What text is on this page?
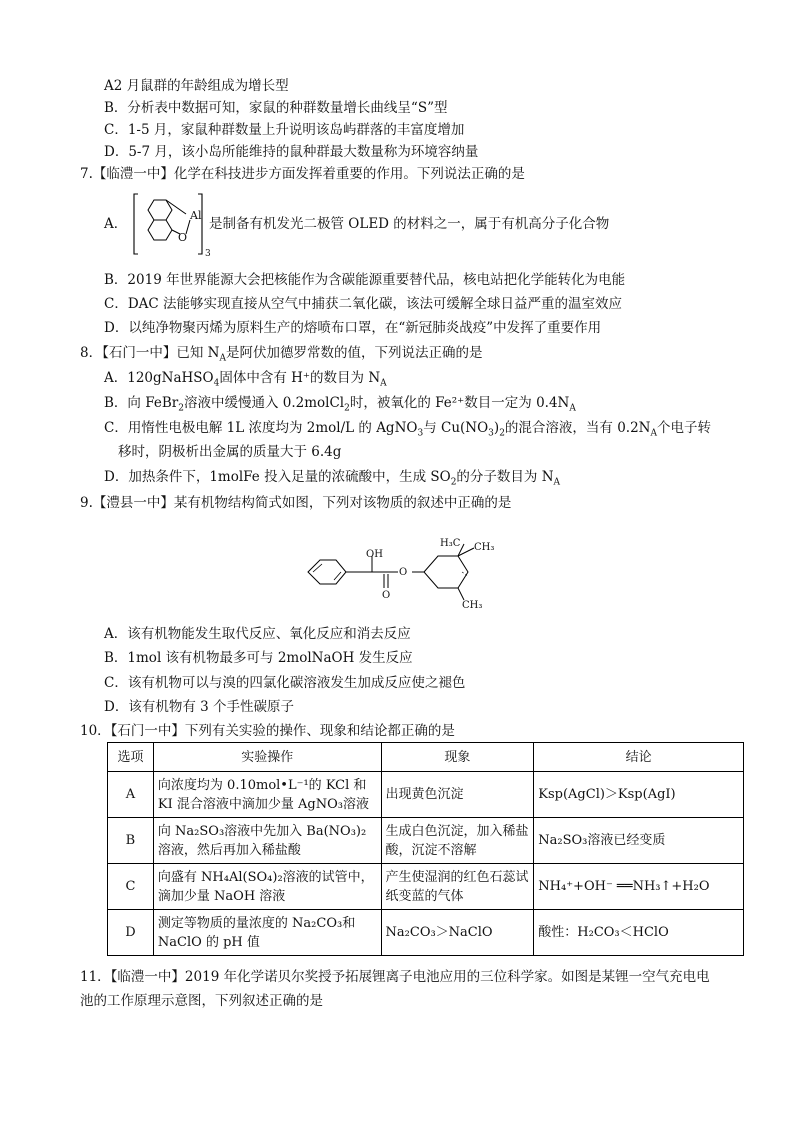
A2 月鼠群的年龄组成为增长型
B．分析表中数据可知，家鼠的种群数量增长曲线呈“S”型
C．1-5 月，家鼠种群数量上升说明该岛屿群落的丰富度增加
D．5-7 月，该小岛所能维持的鼠种群最大数量称为环境容纳量
7.【临澧一中】化学在科技进步方面发挥着重要的作用。下列说法正确的是
A．
Al
O
3
是制备有机发光二极管 OLED 的材料之一，属于有机高分子化合物
B．2019 年世界能源大会把核能作为含碳能源重要替代品，核电站把化学能转化为电能
C．DAC 法能够实现直接从空气中捕获二氧化碳，该法可缓解全球日益严重的温室效应
D．以纯净物聚丙烯为原料生产的熔喷布口罩，在“新冠肺炎战疫”中发挥了重要作用
8．【石门一中】已知 $N_A$是阿伏加德罗常数的值，下列说法正确的是
A．120gNaHSO$_4$固体中含有 H⁺的数目为 $N_A$
B．向 FeBr$_2$溶液中缓慢通入 0.2molCl$_2$时，被氧化的 Fe²⁺数目一定为 $0.4N_A$
C．用惰性电极电解 1L 浓度均为 2mol/L 的 AgNO$_3$与 $Cu(NO_3)_2$的混合溶液，当有 $0.2N_A$个电子转
移时，阴极析出金属的质量大于 6.4g
D．加热条件下，1molFe 投入足量的浓硫酸中，生成 $SO_2$的分子数目为 $N_A$
9.【澧县一中】某有机物结构简式如图，下列对该物质的叙述中正确的是
OH
O
O
H₃C CH₃
CH₃
A．该有机物能发生取代反应、氧化反应和消去反应
B．1mol 该有机物最多可与 2molNaOH 发生反应
C．该有机物可以与溴的四氯化碳溶液发生加成反应使之褪色
D．该有机物有 3 个手性碳原子
10．【石门一中】下列有关实验的操作、现象和结论都正确的是
选项	实验操作	现象	结论
A	向浓度均为 0.10mol•L⁻¹的 KCl 和 KI 混合溶液中滴加少量 AgNO₃溶液	出现黄色沉淀	Ksp(AgCl)＞Ksp(AgI)
B	向 Na₂SO₃溶液中先加入 Ba(NO₃)₂溶液，然后再加入稀盐酸	生成白色沉淀，加入稀盐酸，沉淀不溶解	Na₂SO₃溶液已经变质
C	向盛有 NH₄Al(SO₄)₂溶液的试管中，滴加少量 NaOH 溶液	产生使湿润的红色石蕊试纸变蓝的气体	NH₄⁺+OH⁻ ══NH₃↑+H₂O
D	测定等物质的量浓度的 Na₂CO₃和 NaClO 的 pH 值	Na₂CO₃＞NaClO	酸性：H₂CO₃＜HClO
11．【临澧一中】2019 年化学诺贝尔奖授予拓展锂离子电池应用的三位科学家。如图是某锂一空气充电电
池的工作原理示意图，下列叙述正确的是
